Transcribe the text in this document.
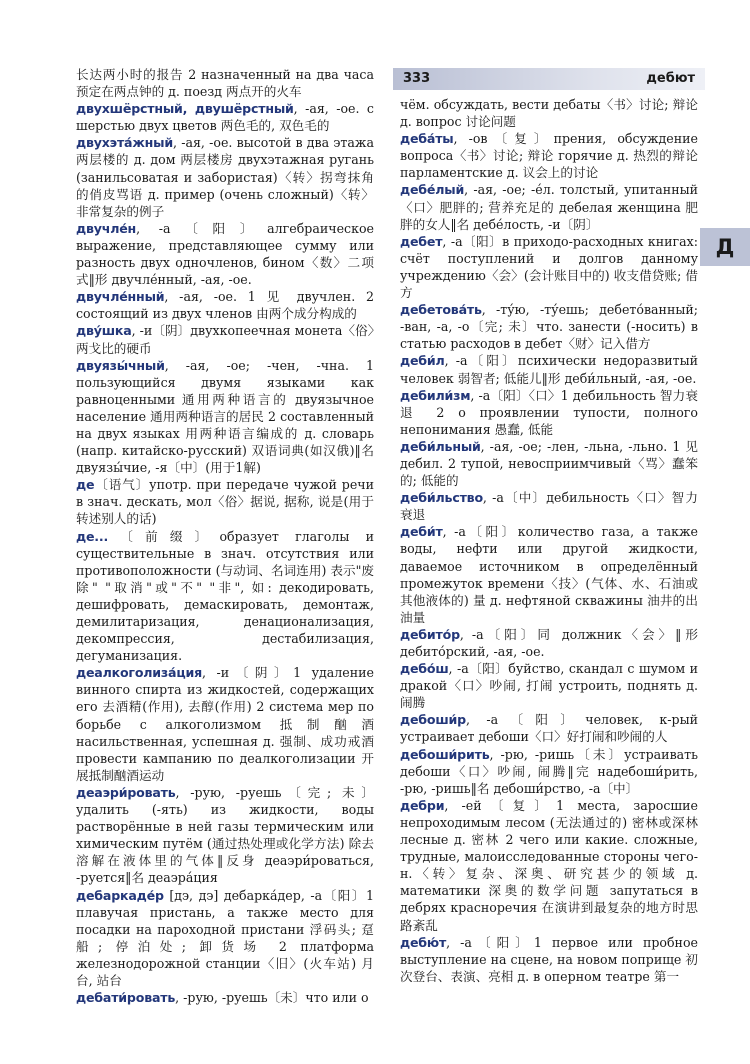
333	дебют
Д

长达两小时的报告 2 назначенный на два часа 预定在两点钟的 д. поезд 两点开的火车

двухшёрстный, двушёрстный, -ая, -ое. с шерстью двух цветов 两色毛的, 双色毛的

двухэта́жный, -ая, -ое. высотой в два этажа 两层楼的 д. дом 两层楼房 двухэтажная ругань (занильсоватая и забористая)〈转〉拐弯抹角的俏皮骂语 д. пример (очень сложный)〈转〉非常复杂的例子

двучле́н, -а〔阳〕алгебраическое выражение, представляющее сумму или разность двух одночленов, бином〈数〉二项式‖形 двучле́нный, -ая, -ое.

двучле́нный, -ая, -ое. 1 见 двучлен. 2 состоящий из двух членов 由两个成分构成的

дву́шка, -и〔阴〕двухкопеечная монета〈俗〉两戈比的硬币

двуязы́чный, -ая, -ое; -чен, -чна. 1 пользующийся двумя языками как равноценными 通用两种语言的 двуязычное население 通用两种语言的居民 2 составленный на двух языках 用两种语言编成的 д. словарь (напр. китайско-русский) 双语词典(如汉俄)‖名 двуязы́чие, -я〔中〕(用于1解)

де〔语气〕употр. при передаче чужой речи в знач. дескать, мол〈俗〉据说, 据称, 说是(用于转述别人的话)

де...〔前缀〕образует глаголы и существительные в знач. отсутствия или противоположности (与动词、名词连用) 表示"废除" "取消"或"不" "非", 如: декодировать, дешифровать, демаскировать, демонтаж, демилитаризация, денационализация, декомпрессия, дестабилизация, дегуманизация.

деалкоголиза́ция, -и〔阴〕1 удаление винного спирта из жидкостей, содержащих его 去酒精(作用), 去醇(作用) 2 система мер по борьбе с алкоголизмом 抵制酗酒 насильственная, успешная д. 强制、成功戒酒 провести кампанию по деалкоголизации 开展抵制酗酒运动

деаэри́ровать, -рую, -руешь〔完; 未〕удалить (-ять) из жидкости, воды растворённые в ней газы термическим или химическим путём (通过热处理或化学方法) 除去溶解在液体里的气体‖反身 деаэри́роваться, -руется‖名 деаэра́ция

дебаркаде́р [дэ, дэ] дебарка́дер, -а〔阳〕1 плавучая пристань, а также место для посадки на пароходной пристани 浮码头; 趸船; 停泊处; 卸货场 2 платформа железнодорожной станции〈旧〉(火车站) 月台, 站台

дебати́ровать, -рую, -руешь〔未〕что или о

чём. обсуждать, вести дебаты〈书〉讨论; 辩论 д. вопрос 讨论问题

деба́ты, -ов〔复〕прения, обсуждение вопроса〈书〉讨论; 辩论 горячие д. 热烈的辩论 парламентские д. 议会上的讨论

дебе́лый, -ая, -ое; -е́л. толстый, упитанный〈口〉肥胖的; 营养充足的 дебелая женщина 肥胖的女人‖名 дебе́лость, -и〔阴〕

дебет, -а〔阳〕в приходо-расходных книгах: счёт поступлений и долгов данному учреждению〈会〉(会计账目中的) 收支借贷账; 借方

дебетова́ть, -ту́ю, -ту́ешь; дебето́ванный; -ван, -а, -о〔完; 未〕что. занести (-носить) в статью расходов в дебет〈财〉记入借方

деби́л, -а〔阳〕психически недоразвитый человек 弱智者; 低能儿‖形 деби́льный, -ая, -ое.

дебили́зм, -а〔阳〕〈口〉1 дебильность 智力衰退 2 о проявлении тупости, полного непонимания 愚蠢, 低能

деби́льный, -ая, -ое; -лен, -льна, -льно. 1 见 дебил. 2 тупой, невосприимчивый〈骂〉蠢笨的; 低能的

деби́льство, -а〔中〕дебильность〈口〉智力衰退

деби́т, -а〔阳〕количество газа, а также воды, нефти или другой жидкости, даваемое источником в определённый промежуток времени〈技〉(气体、水、石油或其他液体的) 量 д. нефтяной скважины 油井的出油量

дебито́р, -а〔阳〕同 должник〈会〉‖形 дебито́рский, -ая, -ое.

дебо́ш, -а〔阳〕буйство, скандал с шумом и дракой〈口〉吵闹, 打闹 устроить, поднять д. 闹腾

дебоши́р, -а〔阳〕человек, к-рый устраивает дебоши〈口〉好打闹和吵闹的人

дебоши́рить, -рю, -ришь〔未〕устраивать дебоши〈口〉吵闹, 闹腾‖完 надебоши́рить, -рю, -ришь‖名 дебоши́рство, -а〔中〕

дебри, -ей〔复〕1 места, заросшие непроходимым лесом (无法通过的) 密林或深林 лесные д. 密林 2 чего или какие. сложные, трудные, малоисследованные стороны чего-н.〈转〉复杂、深奥、研究甚少的领域 д. математики 深奥的数学问题 запутаться в дебрях красноречия 在演讲到最复杂的地方时思路紊乱

дебю́т, -а〔阳〕1 первое или пробное выступление на сцене, на новом поприще 初次登台、表演、亮相 д. в оперном театре 第一
